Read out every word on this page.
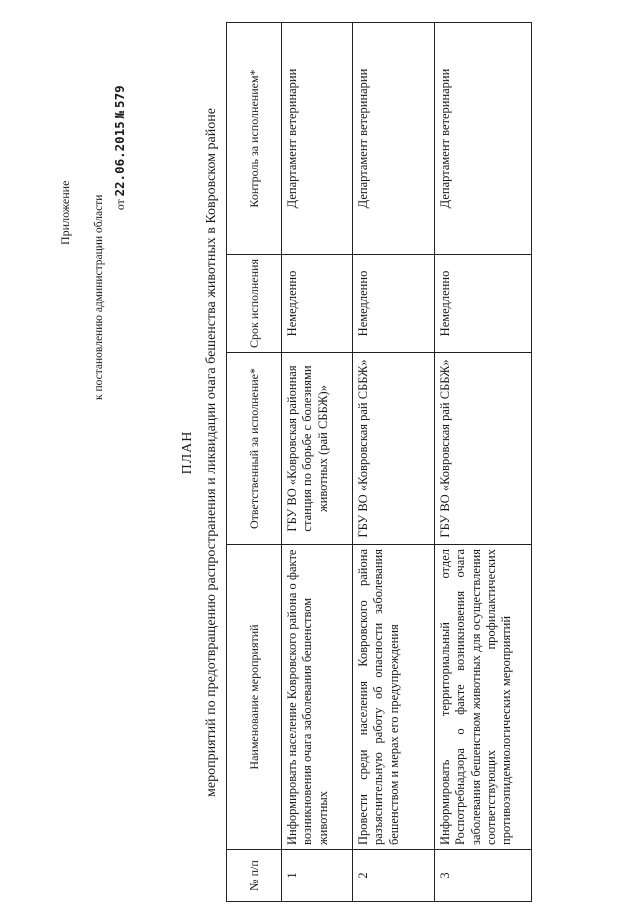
Приложение к постановлению администрации области от 22.06.2015 № 579
ПЛАН мероприятий по предотвращению распространения и ликвидации очага бешенства животных в Ковровском районе
№ п/п	Наименование мероприятий	Ответственный за исполнение*	Срок исполнения	Контроль за исполнением*
1	Информировать население Ковровского района о факте возникновения очага заболевания бешенством животных	ГБУ ВО «Ковровская районная станция по борьбе с болезнями животных (рай СББЖ)»	Немедленно	Департамент ветеринарии
2	Провести среди населения Ковровского района разъяснительную работу об опасности заболевания бешенством и мерах его предупреждения	ГБУ ВО «Ковровская рай СББЖ»	Немедленно	Департамент ветеринарии
3	Информировать территориальный отдел Роспотребнадзора о факте возникновения очага заболевания бешенством животных для осуществления соответствующих профилактических противоэпидемиологических мероприятий	ГБУ ВО «Ковровская рай СББЖ»	Немедленно	Департамент ветеринарии
